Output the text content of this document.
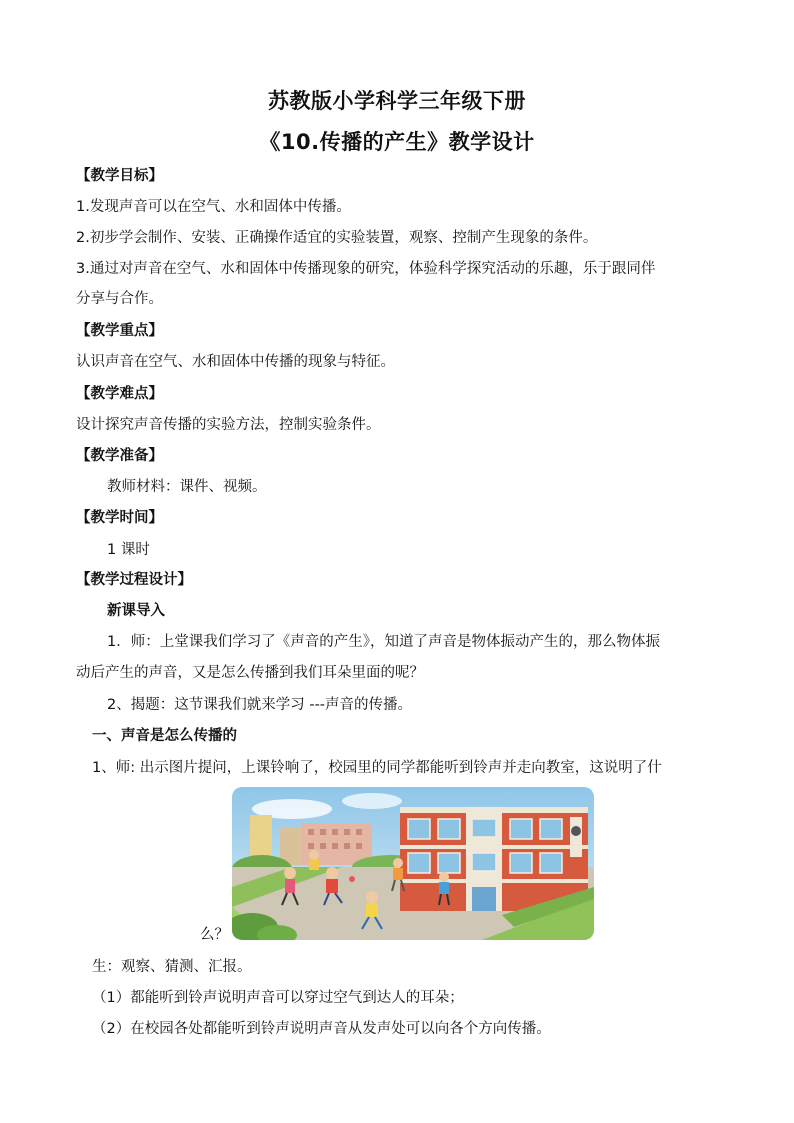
苏教版小学科学三年级下册
《10.传播的产生》教学设计
【教学目标】
1.发现声音可以在空气、水和固体中传播。
2.初步学会制作、安装、正确操作适宜的实验装置，观察、控制产生现象的条件。
3.通过对声音在空气、水和固体中传播现象的研究，体验科学探究活动的乐趣，乐于跟同伴
分享与合作。
【教学重点】
认识声音在空气、水和固体中传播的现象与特征。
【教学难点】
设计探究声音传播的实验方法，控制实验条件。
【教学准备】
教师材料：课件、视频。
【教学时间】
1 课时
【教学过程设计】
新课导入
1．师：上堂课我们学习了《声音的产生》，知道了声音是物体振动产生的，那么物体振
动后产生的声音，又是怎么传播到我们耳朵里面的呢？
2、揭题：这节课我们就来学习 ---声音的传播。
一、声音是怎么传播的
1、师: 出示图片提问，上课铃响了，校园里的同学都能听到铃声并走向教室，这说明了什
么？
生：观察、猜测、汇报。
（1）都能听到铃声说明声音可以穿过空气到达人的耳朵；
（2）在校园各处都能听到铃声说明声音从发声处可以向各个方向传播。
